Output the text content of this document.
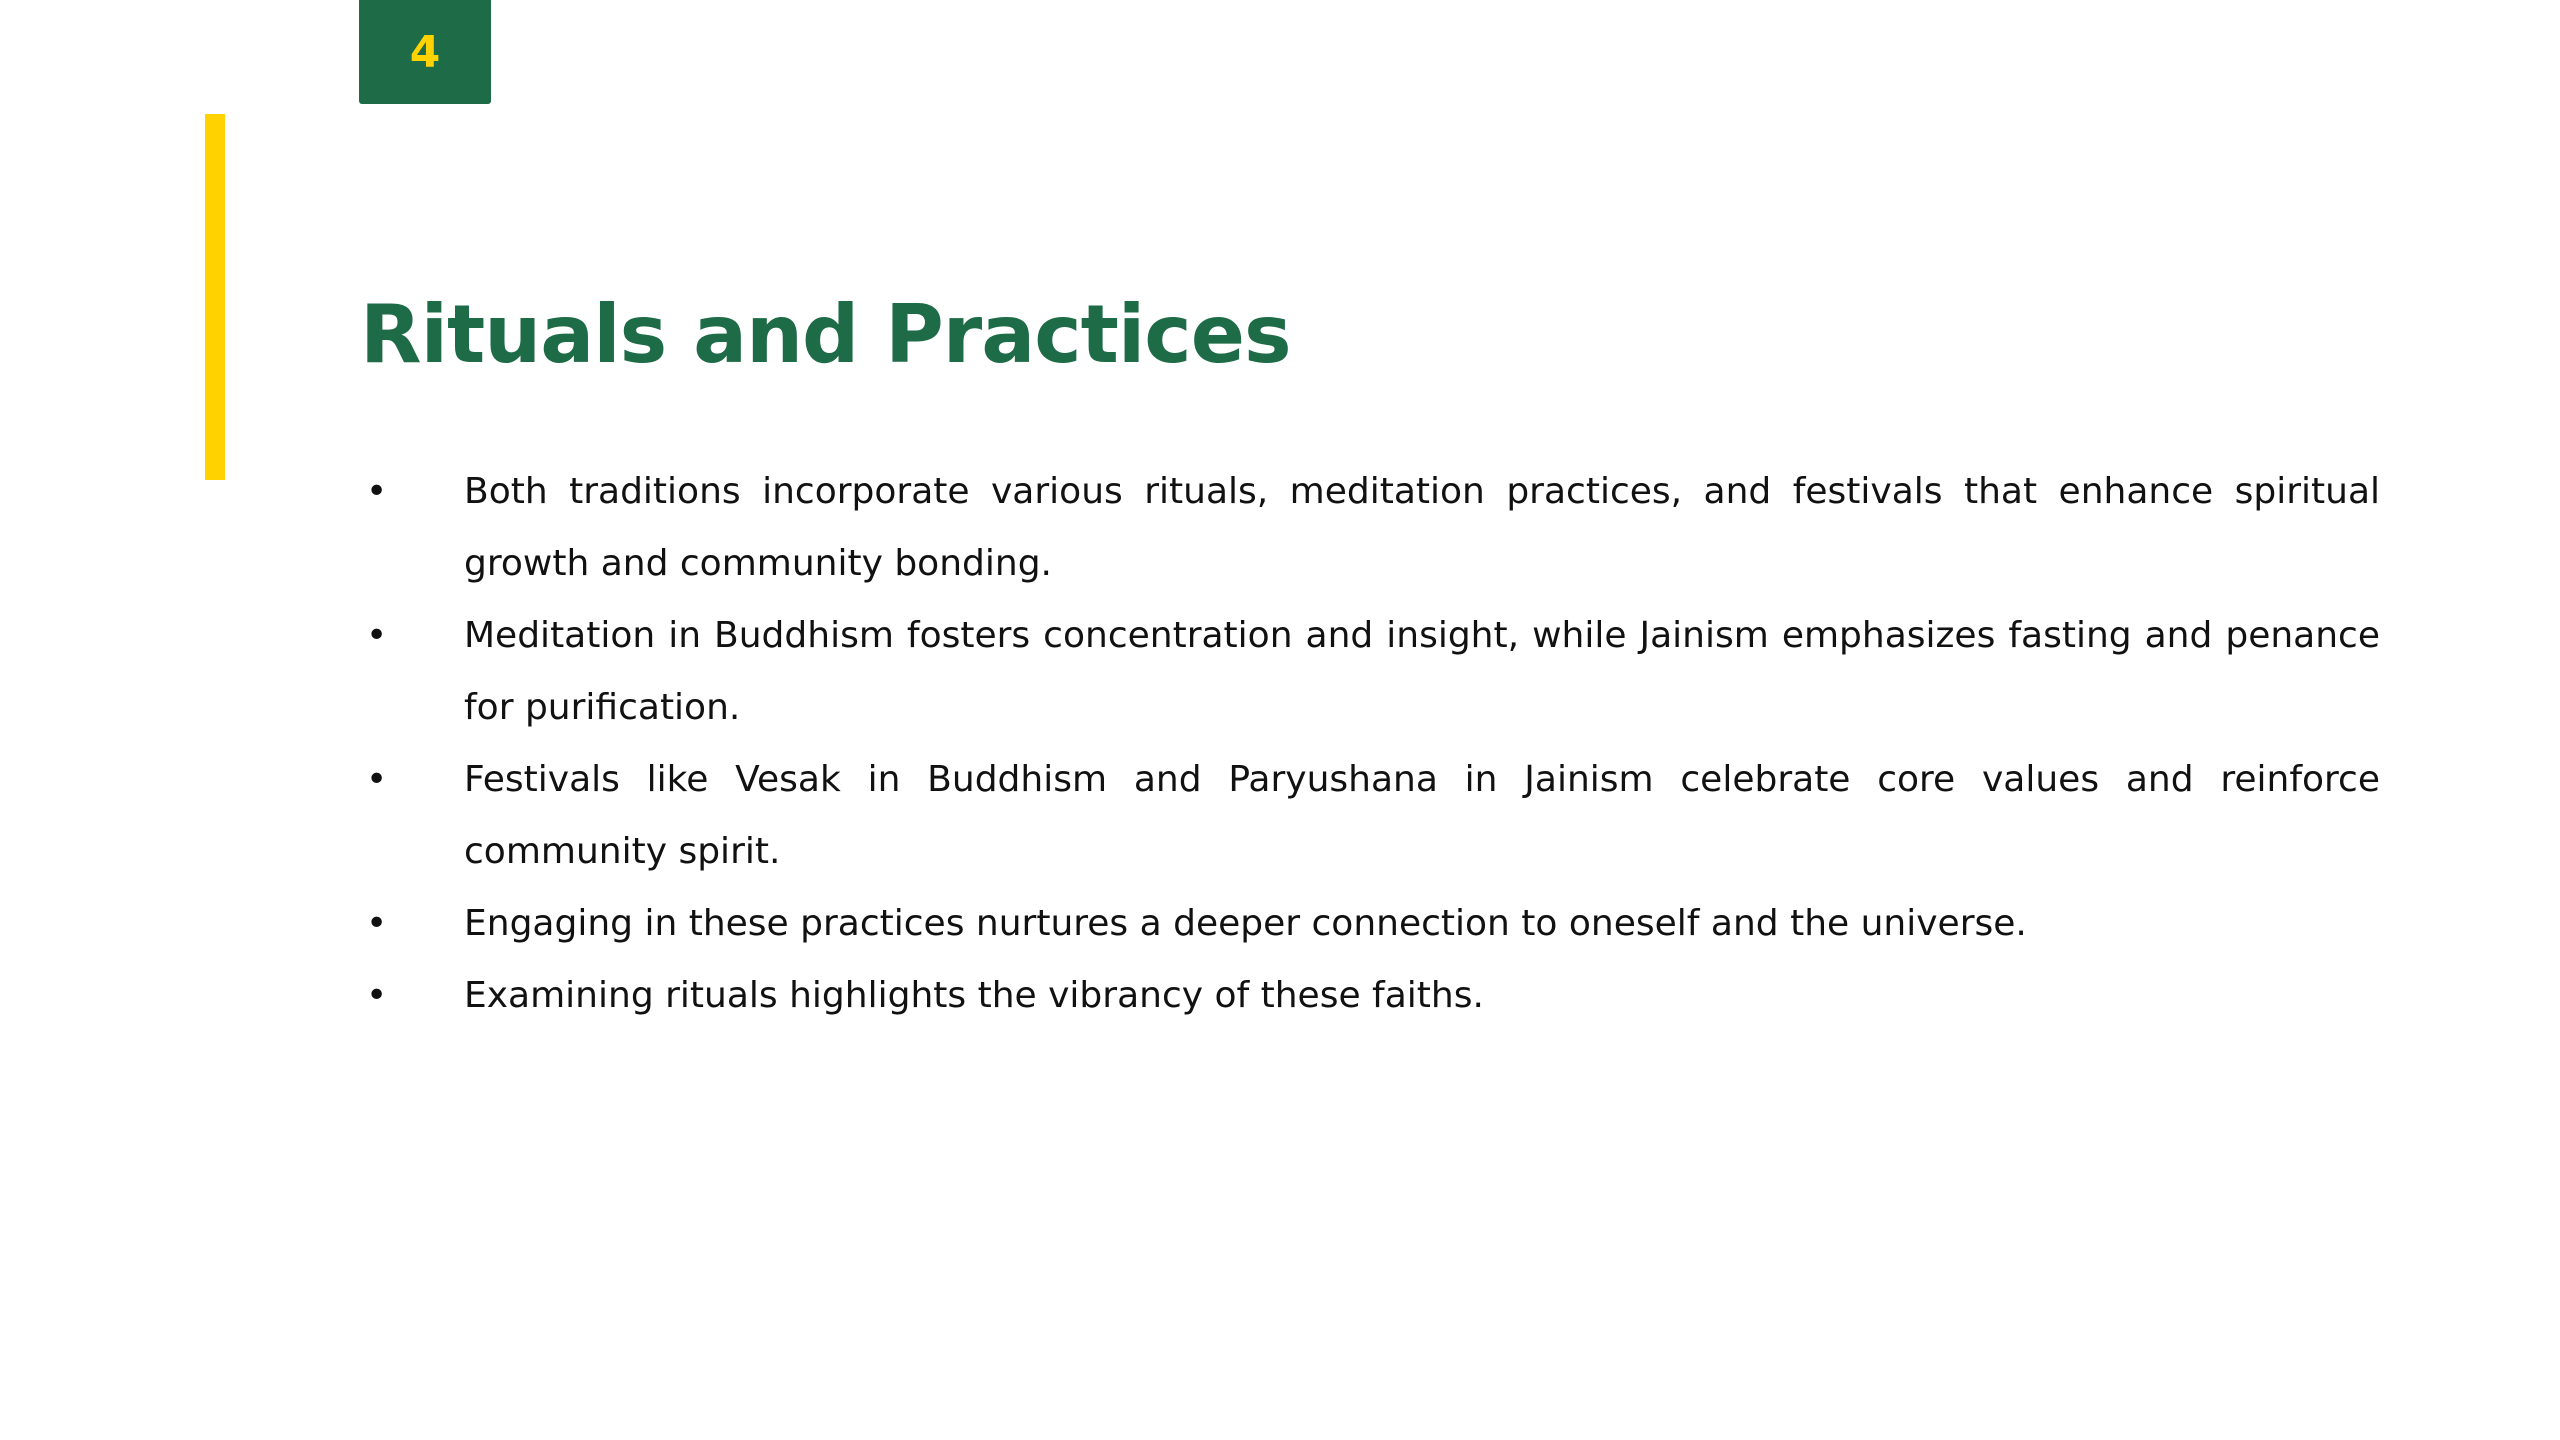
4
Rituals and Practices
• Both traditions incorporate various rituals, meditation practices, and festivals that enhance spiritual growth and community bonding.
• Meditation in Buddhism fosters concentration and insight, while Jainism emphasizes fasting and penance for purification.
• Festivals like Vesak in Buddhism and Paryushana in Jainism celebrate core values and reinforce community spirit.
• Engaging in these practices nurtures a deeper connection to oneself and the universe.
• Examining rituals highlights the vibrancy of these faiths.
